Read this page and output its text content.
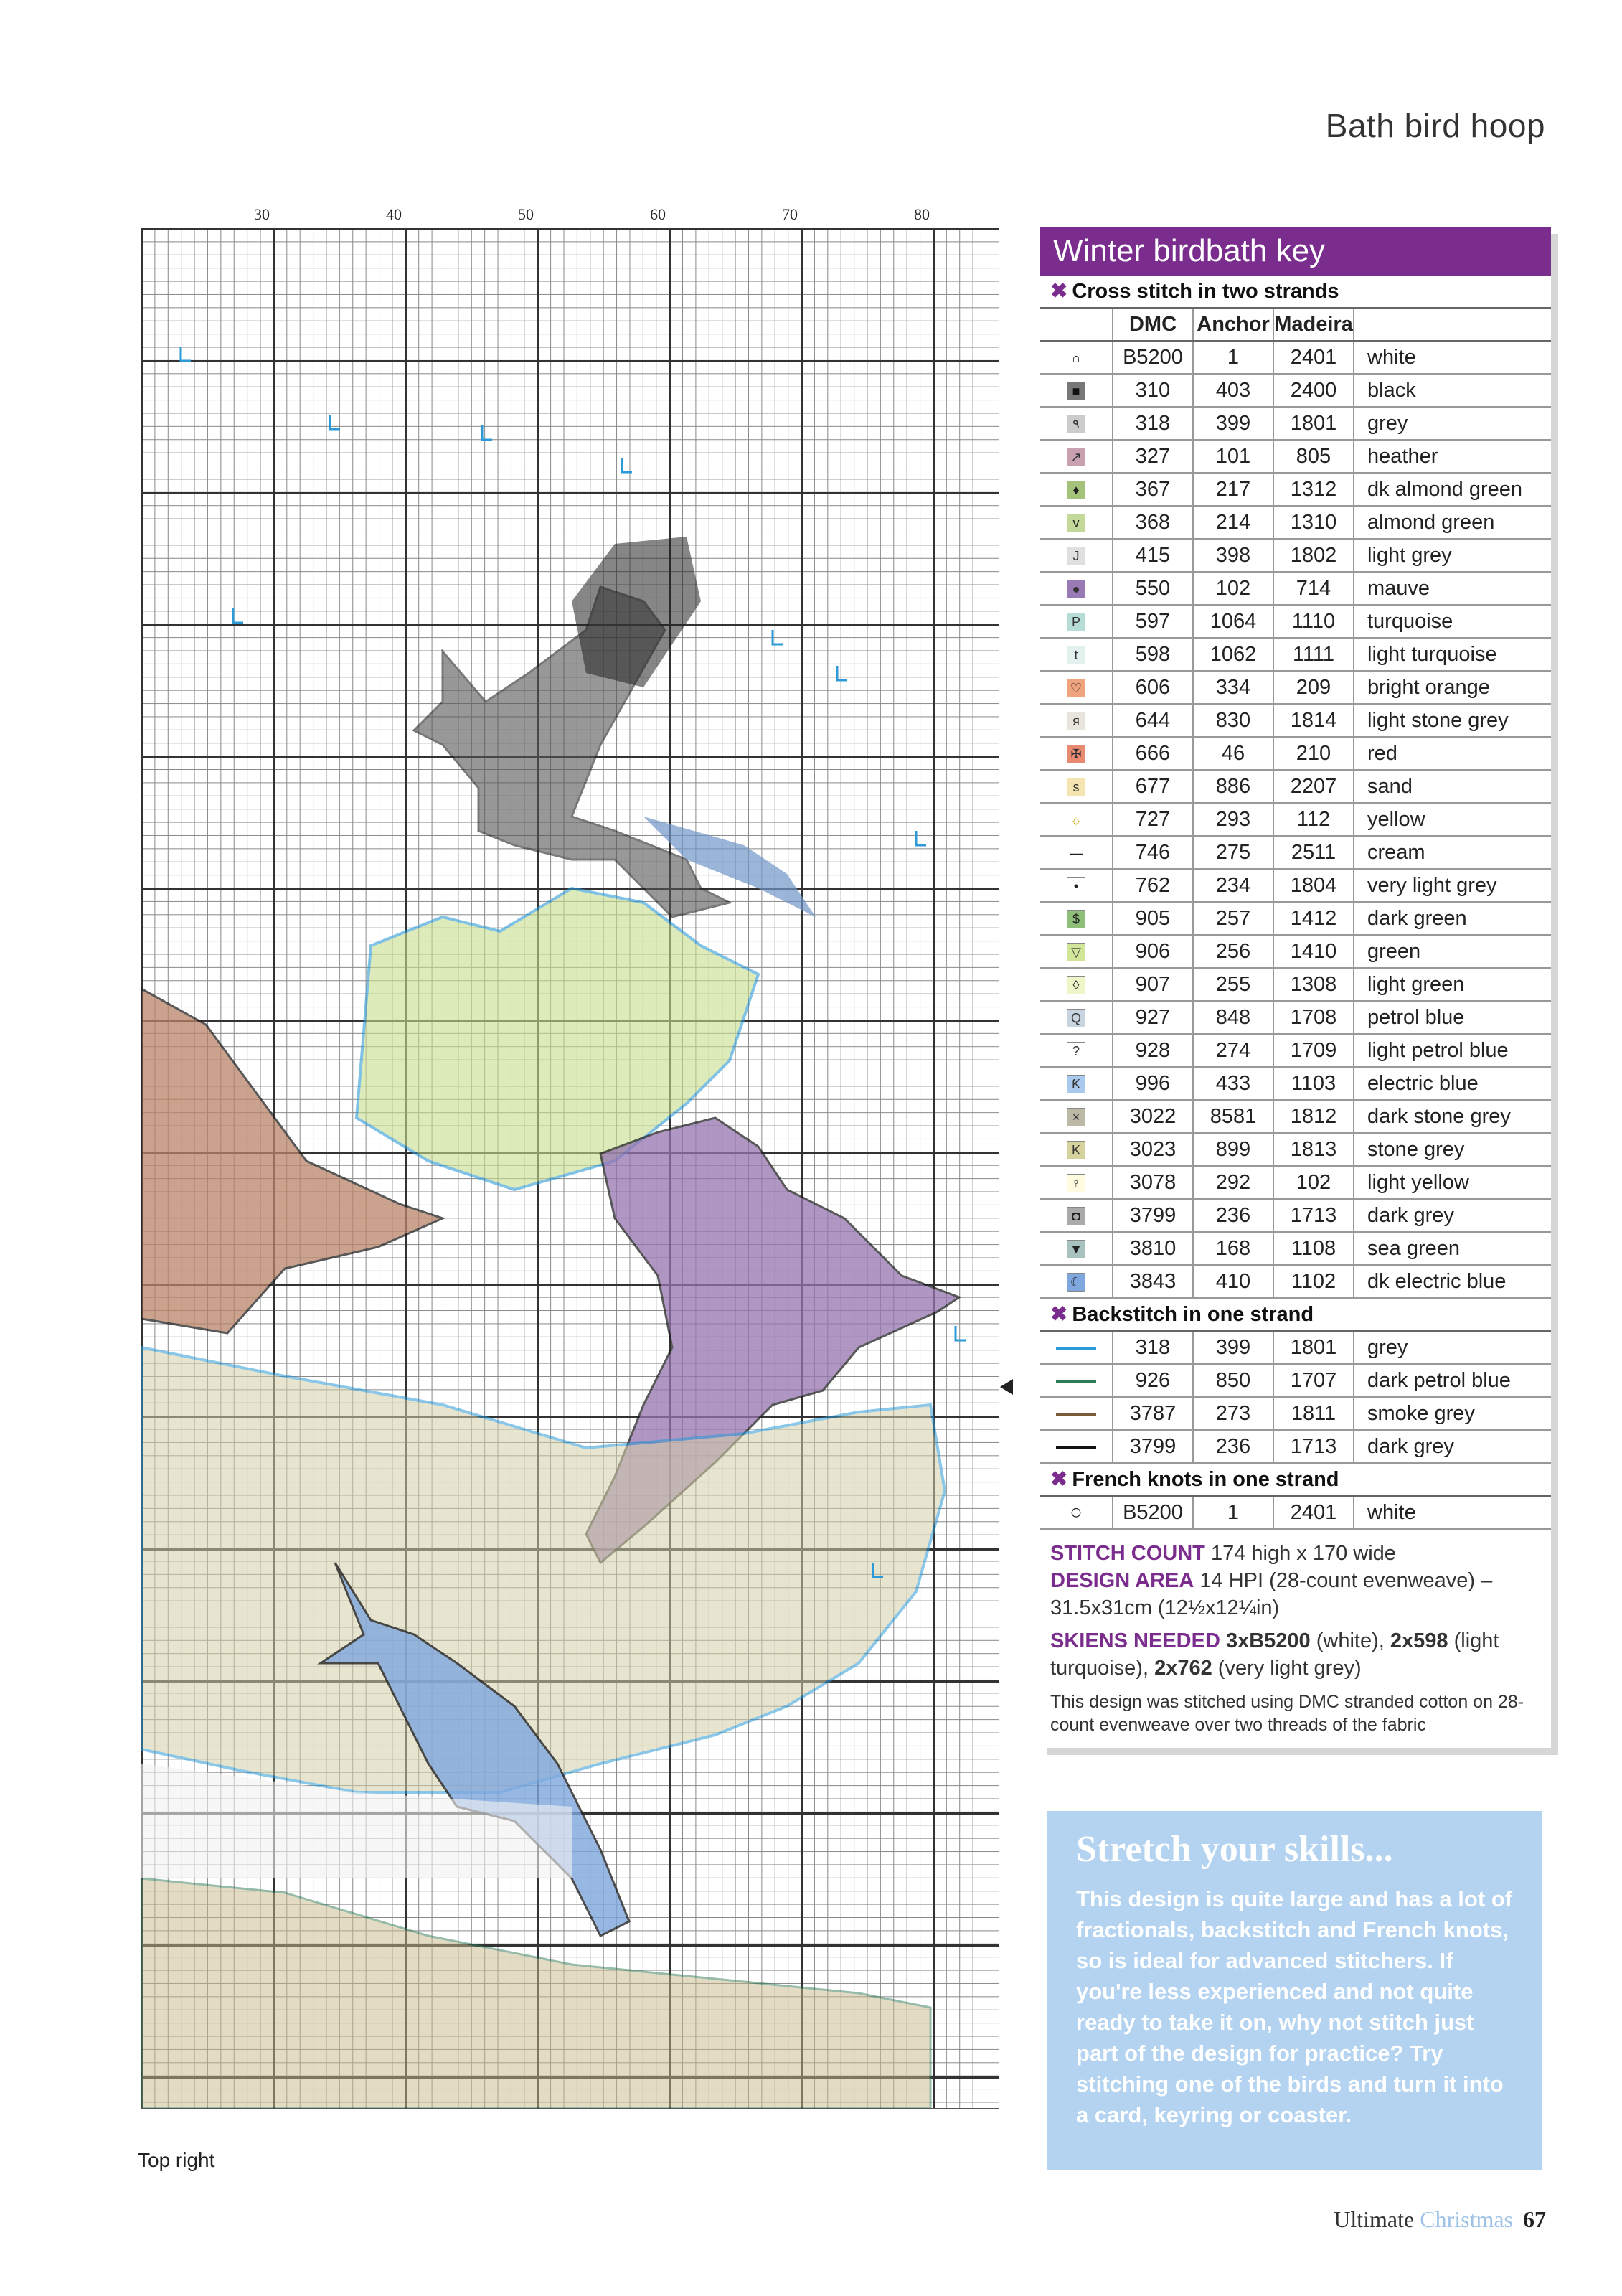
Bath bird hoop
30	40	50	60	70	80
Top right
Winter birdbath key
✖ Cross stitch in two strands
	DMC	Anchor	Madeira	
∩	B5200	1	2401	white
■	310	403	2400	black
٩	318	399	1801	grey
↗	327	101	805	heather
♦	367	217	1312	dk almond green
v	368	214	1310	almond green
J	415	398	1802	light grey
●	550	102	714	mauve
P	597	1064	1110	turquoise
t	598	1062	1111	light turquoise
♡	606	334	209	bright orange
я	644	830	1814	light stone grey
✠	666	46	210	red
ѕ	677	886	2207	sand
☼	727	293	112	yellow
—	746	275	2511	cream
•	762	234	1804	very light grey
$	905	257	1412	dark green
▽	906	256	1410	green
◊	907	255	1308	light green
Q	927	848	1708	petrol blue
?	928	274	1709	light petrol blue
Ƙ	996	433	1103	electric blue
×	3022	8581	1812	dark stone grey
K	3023	899	1813	stone grey
♀	3078	292	102	light yellow
◘	3799	236	1713	dark grey
▼	3810	168	1108	sea green
☾	3843	410	1102	dk electric blue
✖ Backstitch in one strand
	318	399	1801	grey
	926	850	1707	dark petrol blue
	3787	273	1811	smoke grey
	3799	236	1713	dark grey
✖ French knots in one strand
○	B5200	1	2401	white
STITCH COUNT 174 high x 170 wide
DESIGN AREA 14 HPI (28-count evenweave) – 31.5x31cm (12½x12¼in)
SKIENS NEEDED 3xB5200 (white), 2x598 (light turquoise), 2x762 (very light grey)
This design was stitched using DMC stranded cotton on 28-count evenweave over two threads of the fabric
Stretch your skills...
This design is quite large and has a lot of fractionals, backstitch and French knots, so is ideal for advanced stitchers. If you're less experienced and not quite ready to take it on, why not stitch just part of the design for practice? Try stitching one of the birds and turn it into a card, keyring or coaster.
Ultimate Christmas 67
